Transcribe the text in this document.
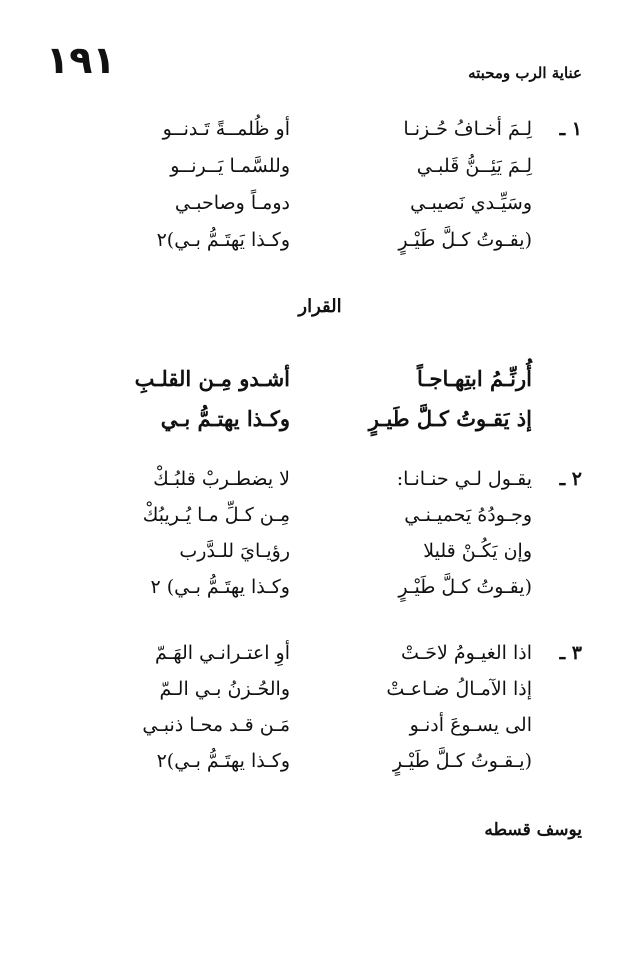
١٩١	عناية الرب ومحبته
١ ـ
لِـمَ أخـافُ حُـزنـا
أو ظُلمــةً تَـدنــو
لِـمَ يَئِــنُّ قَلبـي
وللسَّمـا يَــرنــو
وسَيِّـدي نَصيبـي
دومـاً وصاحبـي
(يقـوتُ كـلَّ طَيْـرٍ
وكـذا يَهتَـمُّ بـي)٢
القرار
أُرنِّـمُ ابتِهـاجـاً
أشـدو مِـن القلـبِ
إذ يَقـوتُ كـلَّ طَيـرٍ
وكـذا يهتـمُّ بـي
٢ ـ
يقـول لـي حنـانـا:
لا يضطـربْ قلبُـكْ
وجـودُهُ يَحميـنـي
مِـن كـلِّ مـا يُـريبُكْ
وإن يَكُـنْ قليلا
رؤيـايَ للـدَّرب
(يقـوتُ كـلَّ طَيْـرٍ
وكـذا يهتَـمُّ بـي) ٢
٣ ـ
اذا الغيـومُ لاحَـتْ
أوِ اعتـرانـي الهَـمّ
إذا الآمـالُ ضـاعـتْ
والحُـزنُ بـي الـمّ
الى يسـوعَ أدنـو
مَـن قـد محـا ذنبـي
(يـقـوتُ كـلَّ طَيْـرٍ
وكـذا يهتَـمُّ بـي)٢
يوسف قسطه
